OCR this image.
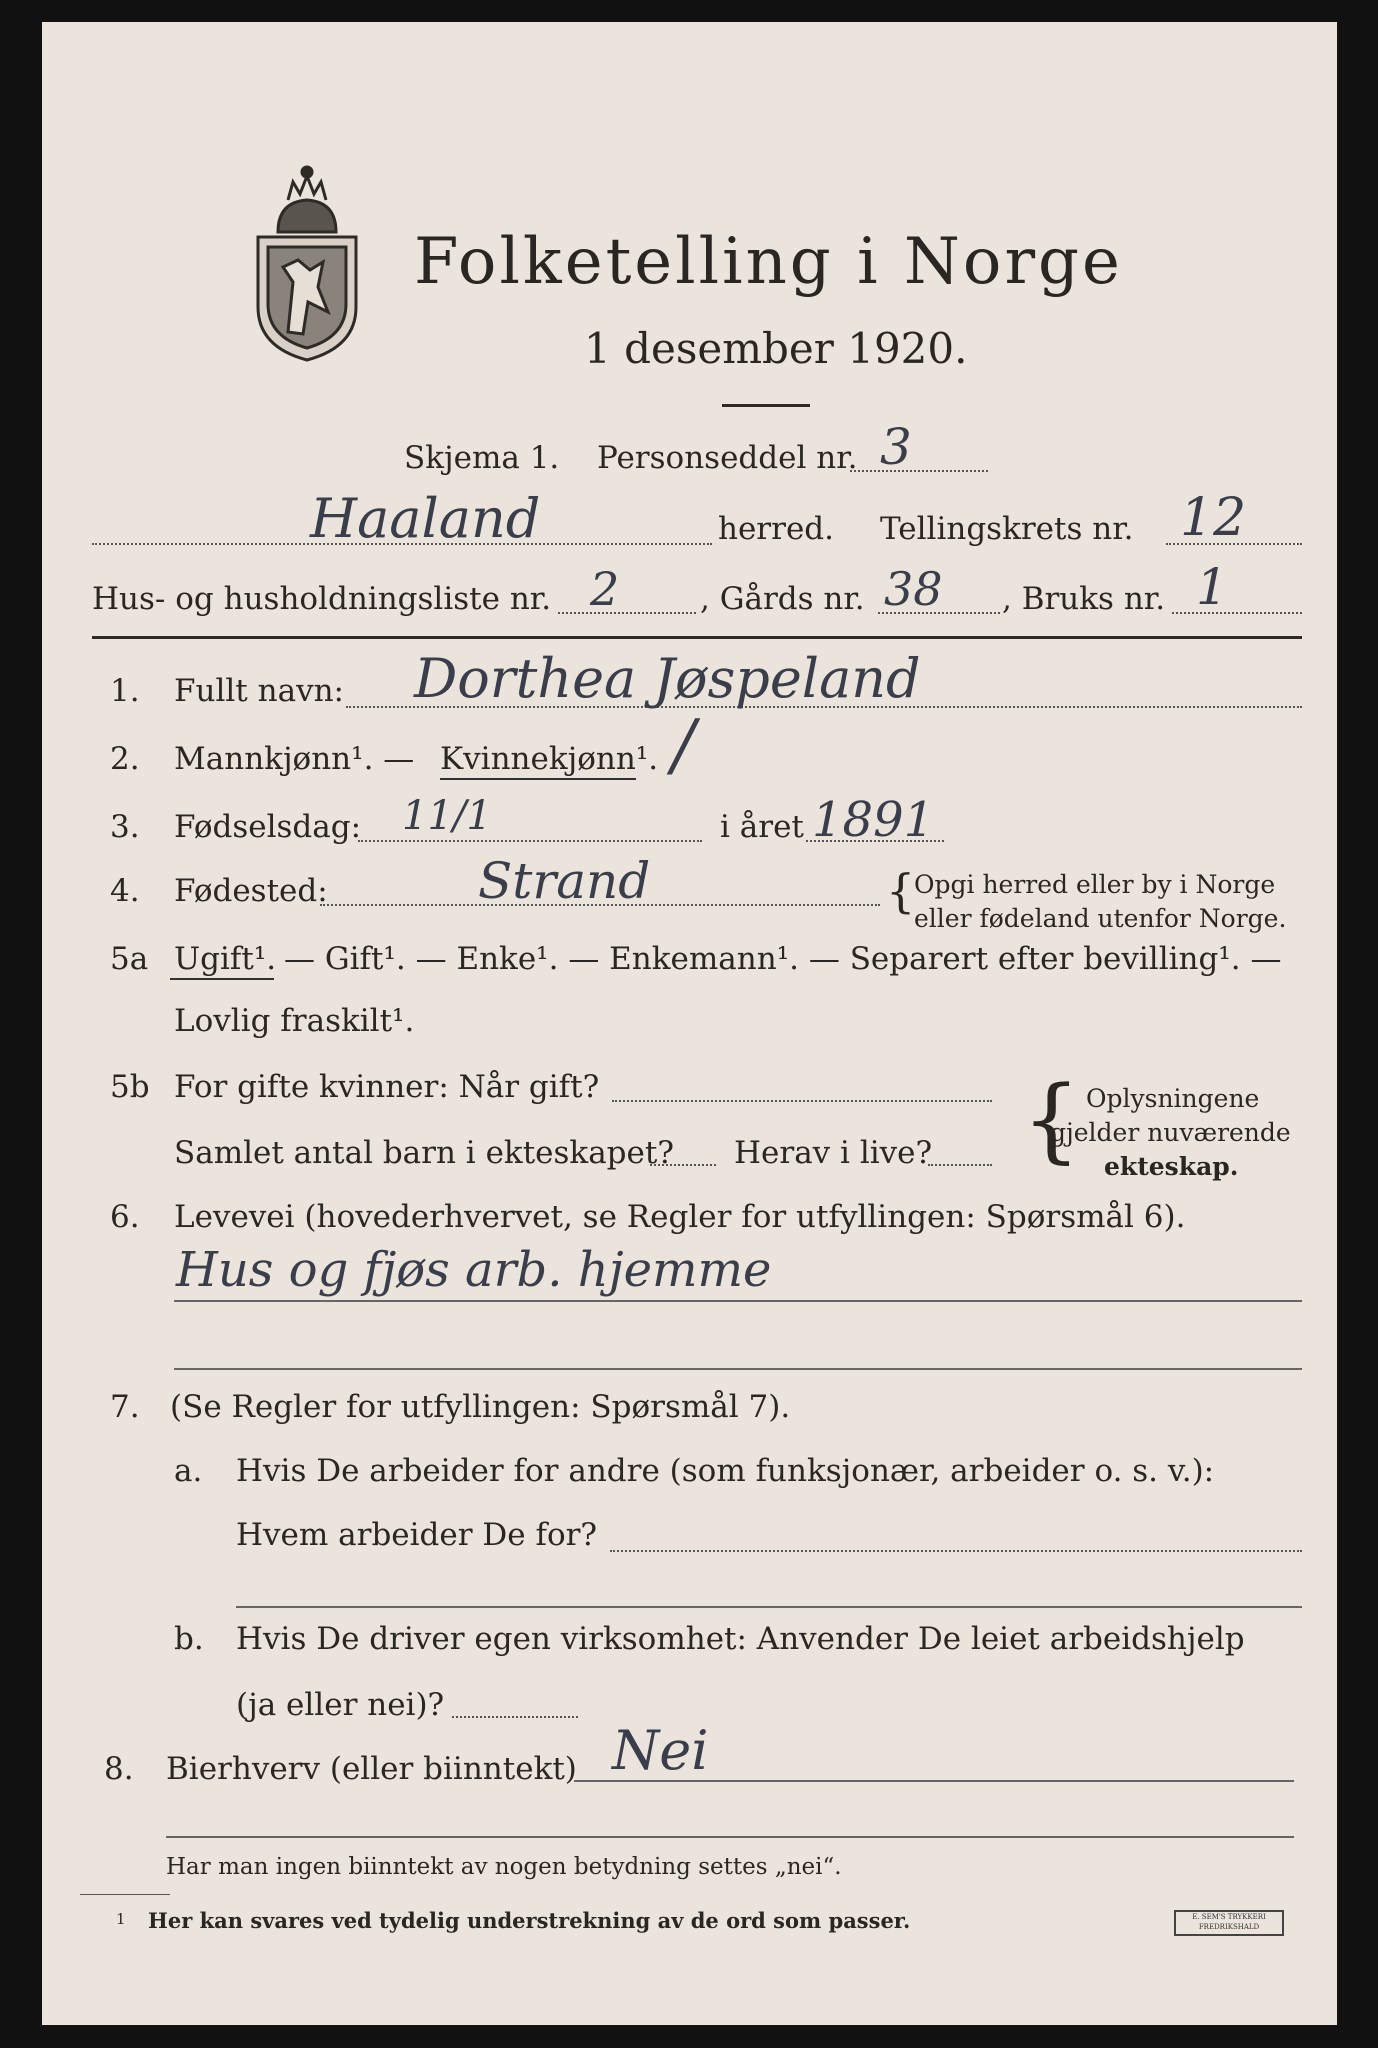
Folketelling i Norge
1 desember 1920.
Skjema 1. Personseddel nr. 3
Haaland	herred. Tellingskrets nr. 12
Hus- og husholdningsliste nr. 2	, Gårds nr. 38 , Bruks nr. 1
1. Fullt navn: Dorthea Jøspeland
2. Mannkjønn¹. — Kvinnekjønn¹. /
3. Fødselsdag: 11/1	i året 1891
4. Fødested:	Strand	{
Opgi herred eller by i Norge
eller fødeland utenfor Norge.
5a Ugift¹. — Gift¹. — Enke¹. — Enkemann¹. — Separert efter bevilling¹. —
Lovlig fraskilt¹.
5b For gifte kvinner: Når gift?
Samlet antal barn i ekteskapet? Herav i live? { Oplysningene
gjelder nuværende
ekteskap.
6. Levevei (hovederhvervet, se Regler for utfyllingen: Spørsmål 6).
Hus og fjøs arb. hjemme
7. (Se Regler for utfyllingen: Spørsmål 7).
a. Hvis De arbeider for andre (som funksjonær, arbeider o. s. v.):
Hvem arbeider De for?
b. Hvis De driver egen virksomhet: Anvender De leiet arbeidshjelp
(ja eller nei)?
8. Bierhverv (eller biinntekt) Nei
Har man ingen biinntekt av nogen betydning settes „nei“.
1 Her kan svares ved tydelig understrekning av de ord som passer.	E. SEM'S TRYKKERI
FREDRIKSHALD
